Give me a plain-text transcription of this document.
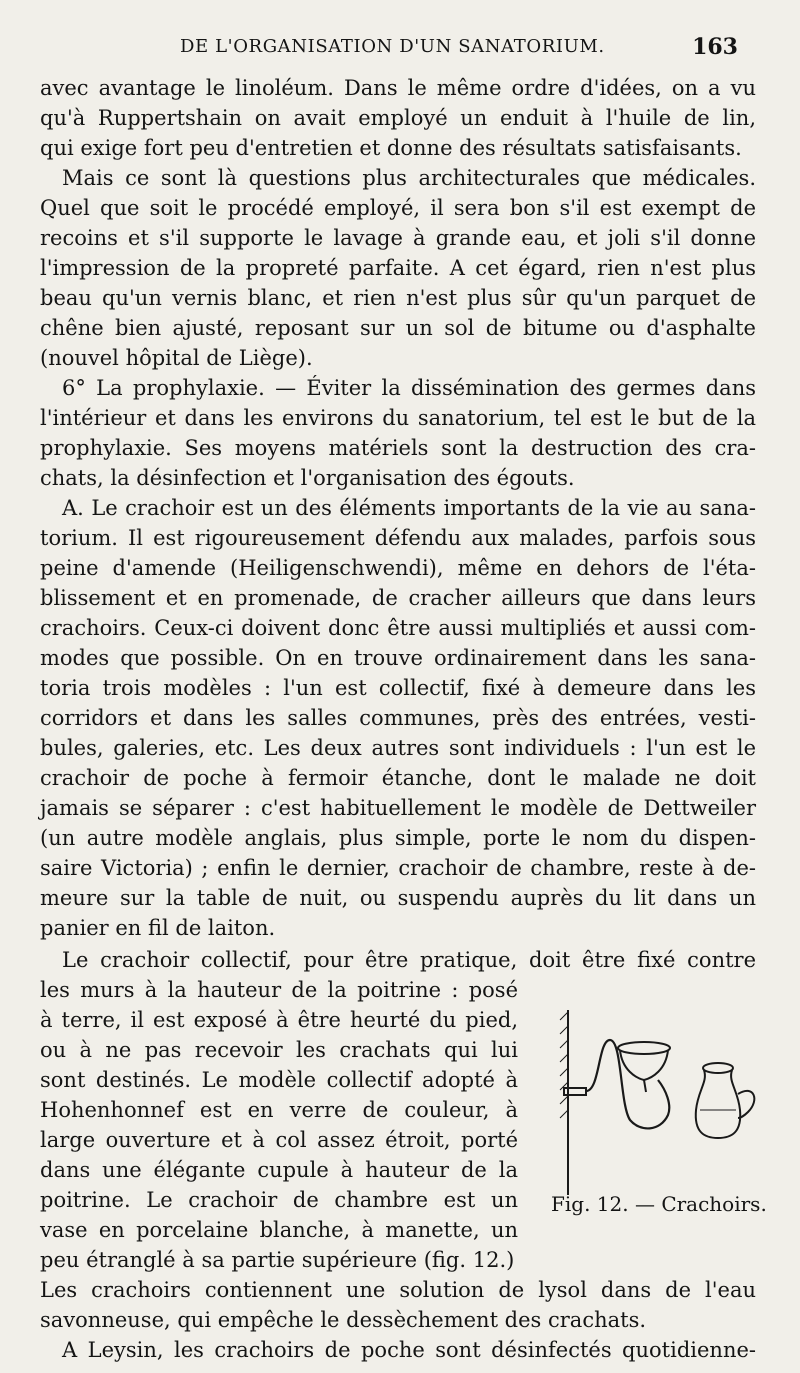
DE L'ORGANISATION D'UN SANATORIUM.	163
avec avantage le linoléum. Dans le même ordre d'idées, on a vu
qu'à Ruppertshain on avait employé un enduit à l'huile de lin,
qui exige fort peu d'entretien et donne des résultats satisfaisants.
Mais ce sont là questions plus architecturales que médicales.
Quel que soit le procédé employé, il sera bon s'il est exempt de
recoins et s'il supporte le lavage à grande eau, et joli s'il donne
l'impression de la propreté parfaite. A cet égard, rien n'est plus
beau qu'un vernis blanc, et rien n'est plus sûr qu'un parquet de
chêne bien ajusté, reposant sur un sol de bitume ou d'asphalte
(nouvel hôpital de Liège).
6° La prophylaxie. — Éviter la dissémination des germes dans
l'intérieur et dans les environs du sanatorium, tel est le but de la
prophylaxie. Ses moyens matériels sont la destruction des cra-
chats, la désinfection et l'organisation des égouts.
A. Le crachoir est un des éléments importants de la vie au sana-
torium. Il est rigoureusement défendu aux malades, parfois sous
peine d'amende (Heiligenschwendi), même en dehors de l'éta-
blissement et en promenade, de cracher ailleurs que dans leurs
crachoirs. Ceux-ci doivent donc être aussi multipliés et aussi com-
modes que possible. On en trouve ordinairement dans les sana-
toria trois modèles : l'un est collectif, fixé à demeure dans les
corridors et dans les salles communes, près des entrées, vesti-
bules, galeries, etc. Les deux autres sont individuels : l'un est le
crachoir de poche à fermoir étanche, dont le malade ne doit
jamais se séparer : c'est habituellement le modèle de Dettweiler
(un autre modèle anglais, plus simple, porte le nom du dispen-
saire Victoria) ; enfin le dernier, crachoir de chambre, reste à de-
meure sur la table de nuit, ou suspendu auprès du lit dans un
panier en fil de laiton.
Le crachoir collectif, pour être pratique, doit être fixé contre
les murs à la hauteur de la poitrine : posé
à terre, il est exposé à être heurté du pied,
ou à ne pas recevoir les crachats qui lui
sont destinés. Le modèle collectif adopté à
Hohenhonnef est en verre de couleur, à
large ouverture et à col assez étroit, porté
dans une élégante cupule à hauteur de la
poitrine. Le crachoir de chambre est un
vase en porcelaine blanche, à manette, un
peu étranglé à sa partie supérieure (fig. 12.)
Les crachoirs contiennent une solution de lysol dans de l'eau
savonneuse, qui empêche le dessèchement des crachats.
A Leysin, les crachoirs de poche sont désinfectés quotidienne-
Fig. 12. — Crachoirs.
